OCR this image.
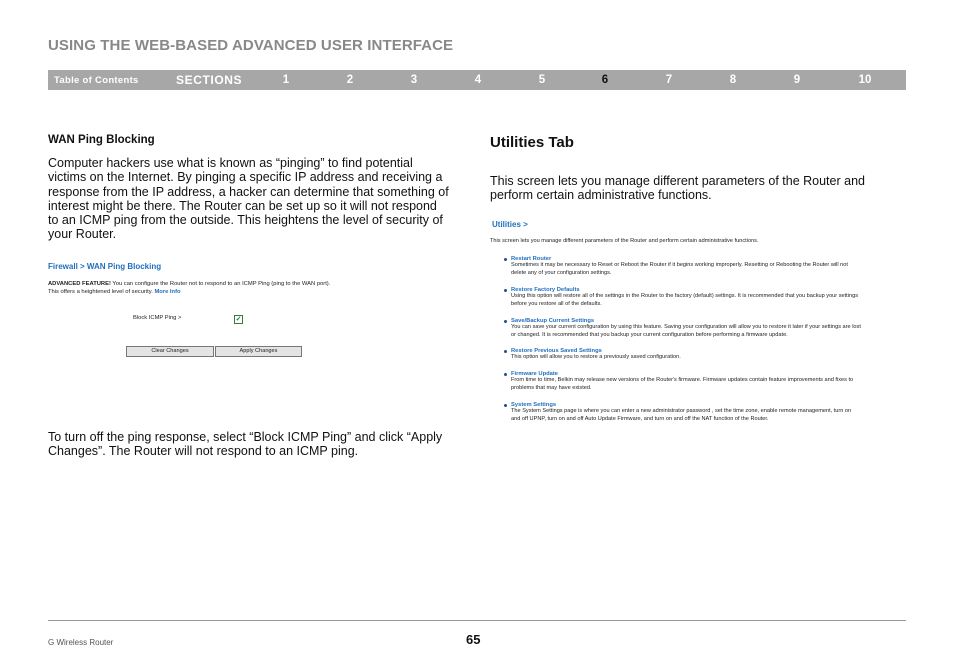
USING THE WEB-BASED ADVANCED USER INTERFACE
Table of Contents	SECTIONS	1	2	3	4	5	6	7	8	9	10
WAN Ping Blocking
Computer hackers use what is known as “pinging” to find potential
victims on the Internet. By pinging a specific IP address and receiving a
response from the IP address, a hacker can determine that something of
interest might be there. The Router can be set up so it will not respond
to an ICMP ping from the outside. This heightens the level of security of
your Router.
Firewall > WAN Ping Blocking
ADVANCED FEATURE! You can configure the Router not to respond to an ICMP Ping (ping to the WAN port).
This offers a heightened level of security. More Info
Block ICMP Ping >	✓
Clear Changes	Apply Changes
To turn off the ping response, select “Block ICMP Ping” and click “Apply
Changes”. The Router will not respond to an ICMP ping.
Utilities Tab
This screen lets you manage different parameters of the Router and
perform certain administrative functions.
Utilities >
This screen lets you manage different parameters of the Router and perform certain administrative functions.
Restart Router
Sometimes it may be necessary to Reset or Reboot the Router if it begins working improperly. Resetting or Rebooting the Router will not
delete any of your configuration settings.
Restore Factory Defaults
Using this option will restore all of the settings in the Router to the factory (default) settings. It is recommended that you backup your settings
before you restore all of the defaults.
Save/Backup Current Settings
You can save your current configuration by using this feature. Saving your configuration will allow you to restore it later if your settings are lost
or changed. It is recommended that you backup your current configuration before performing a firmware update.
Restore Previous Saved Settings
This option will allow you to restore a previously saved configuration.
Firmware Update
From time to time, Belkin may release new versions of the Router's firmware. Firmware updates contain feature improvements and fixes to
problems that may have existed.
System Settings
The System Settings page is where you can enter a new administrator password , set the time zone, enable remote management, turn on
and off UPNP, turn on and off Auto Update Firmware, and turn on and off the NAT function of the Router.
G Wireless Router	65
